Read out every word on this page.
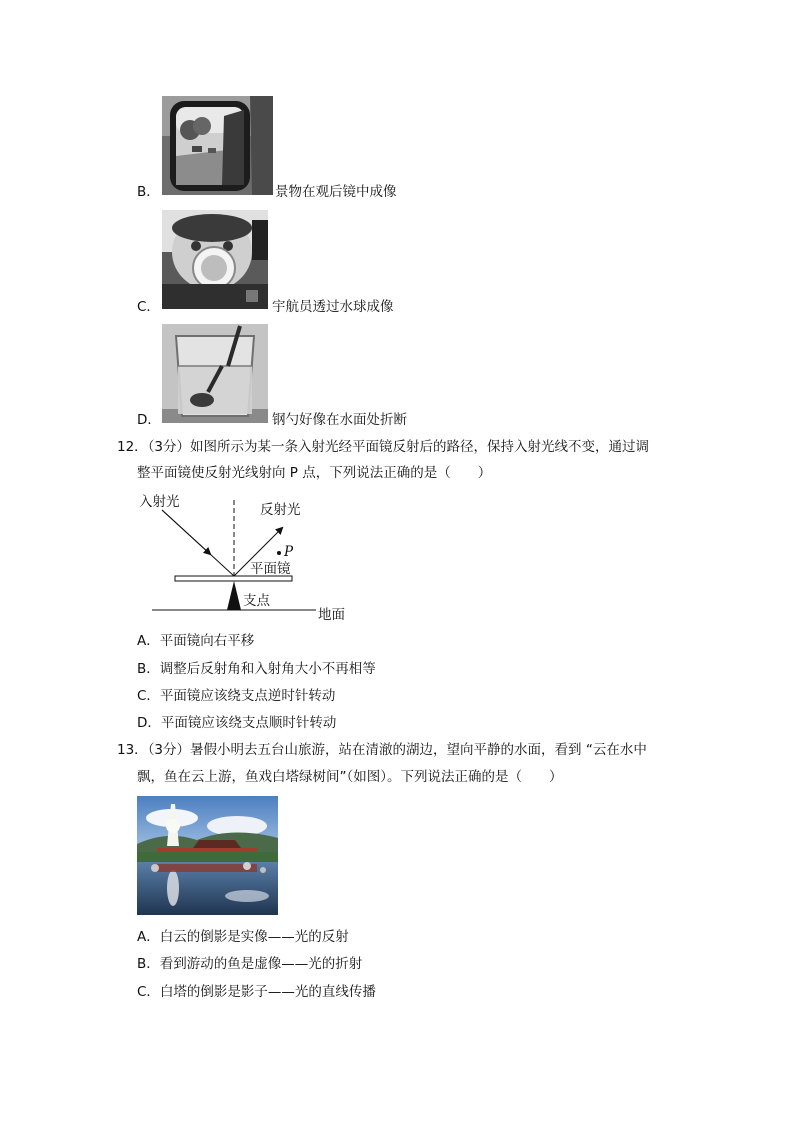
B．	景物在观后镜中成像
C．	宇航员透过水球成像
D．	钢勺好像在水面处折断
12．（3分）如图所示为某一条入射光经平面镜反射后的路径，保持入射光线不变，通过调
整平面镜使反射光线射向 P 点，下列说法正确的是（　　）
入射光	反射光
P
平面镜
支点
地面
A．平面镜向右平移
B．调整后反射角和入射角大小不再相等
C．平面镜应该绕支点逆时针转动
D．平面镜应该绕支点顺时针转动
13．（3分）暑假小明去五台山旅游，站在清澈的湖边，望向平静的水面，看到 “云在水中
飘，鱼在云上游，鱼戏白塔绿树间”（如图）。下列说法正确的是（　　）
A．白云的倒影是实像——光的反射
B．看到游动的鱼是虚像——光的折射
C．白塔的倒影是影子——光的直线传播
